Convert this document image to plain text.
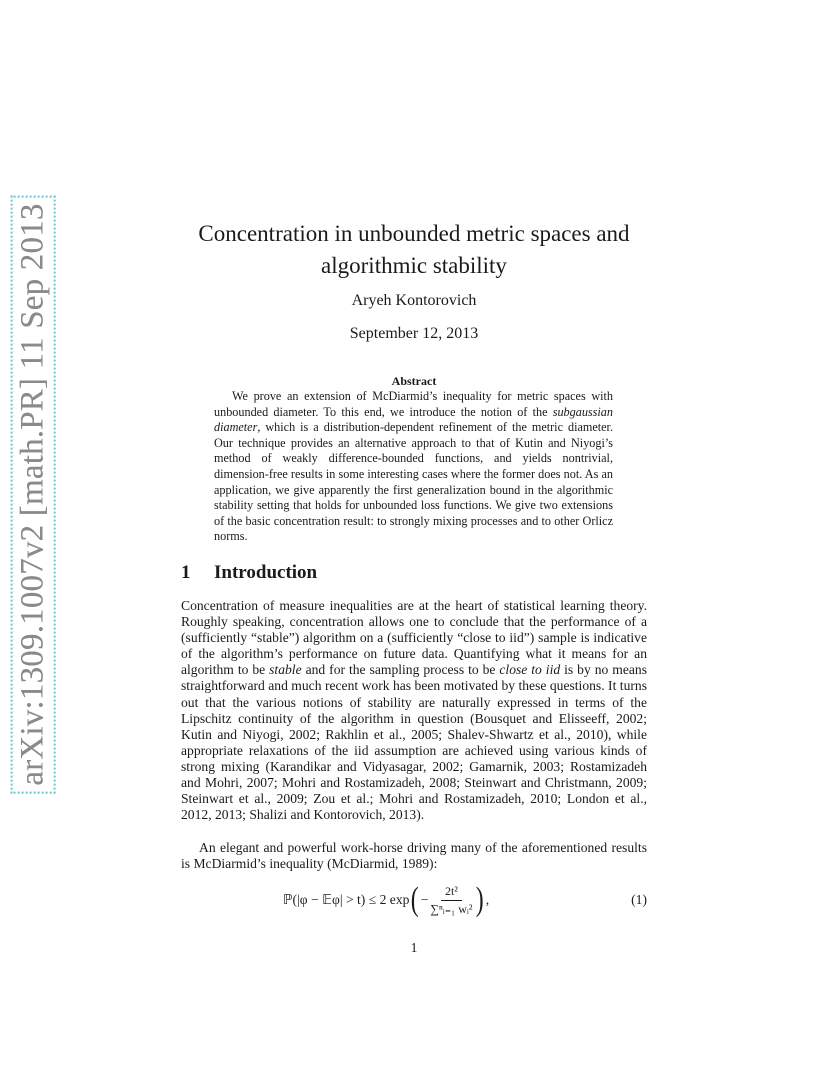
arXiv:1309.1007v2 [math.PR] 11 Sep 2013	Concentration in unbounded metric spaces and
algorithmic stability
Aryeh Kontorovich
September 12, 2013
Abstract
We prove an extension of McDiarmid’s inequality for metric spaces with unbounded diameter. To this end, we introduce the notion of the subgaussian diameter, which is a distribution-dependent refinement of the metric diameter. Our technique provides an alternative approach to that of Kutin and Niyogi’s method of weakly difference-bounded functions, and yields nontrivial, dimension-free results in some interesting cases where the former does not. As an application, we give apparently the first generalization bound in the algorithmic stability setting that holds for unbounded loss functions. We give two extensions of the basic concentration result: to strongly mixing processes and to other Orlicz norms.
1 Introduction
Concentration of measure inequalities are at the heart of statistical learning theory. Roughly speaking, concentration allows one to conclude that the performance of a (sufficiently “stable”) algorithm on a (sufficiently “close to iid”) sample is indicative of the algorithm’s performance on future data. Quantifying what it means for an algorithm to be stable and for the sampling process to be close to iid is by no means straightforward and much recent work has been motivated by these questions. It turns out that the various notions of stability are naturally expressed in terms of the Lipschitz continuity of the algorithm in question (Bousquet and Elisseeff, 2002; Kutin and Niyogi, 2002; Rakhlin et al., 2005; Shalev-Shwartz et al., 2010), while appropriate relaxations of the iid assumption are achieved using various kinds of strong mixing (Karandikar and Vidyasagar, 2002; Gamarnik, 2003; Rostamizadeh and Mohri, 2007; Mohri and Rostamizadeh, 2008; Steinwart and Christmann, 2009; Steinwart et al., 2009; Zou et al.; Mohri and Rostamizadeh, 2010; London et al., 2012, 2013; Shalizi and Kontorovich, 2013).
An elegant and powerful work-horse driving many of the aforementioned results is McDiarmid’s inequality (McDiarmid, 1989):
ℙ(|φ − 𝔼φ| > t) ≤ 2 exp ( − $\frac{\text{2t²}}{\text{∑ⁿᵢ₌₁ wᵢ²}}$ ) ,	(1)
1
